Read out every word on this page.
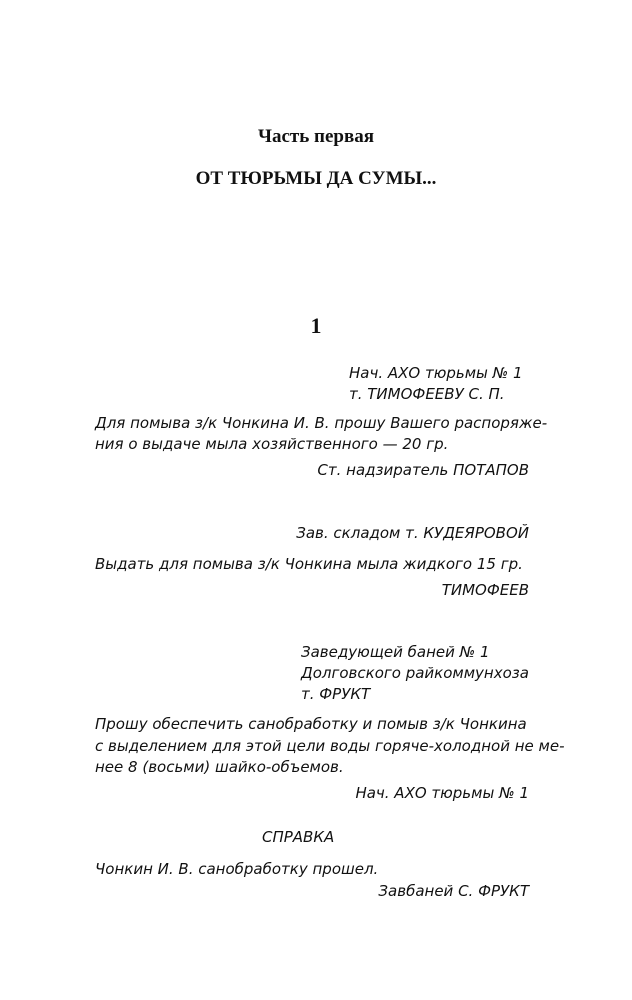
Часть первая
ОТ ТЮРЬМЫ ДА СУМЫ...
1
Нач. АХО тюрьмы № 1
т. ТИМОФЕЕВУ С. П.
Для помыва з/к Чонкина И. В. прошу Вашего распоряже-
ния о выдаче мыла хозяйственного — 20 гр.
Ст. надзиратель ПОТАПОВ
Зав. складом т. КУДЕЯРОВОЙ
Выдать для помыва з/к Чонкина мыла жидкого 15 гр.
ТИМОФЕЕВ
Заведующей баней № 1
Долговского райкоммунхоза
т. ФРУКТ
Прошу обеспечить санобработку и помыв з/к Чонкина
с выделением для этой цели воды горяче-холодной не ме-
нее 8 (восьми) шайко-объемов.
Нач. АХО тюрьмы № 1
СПРАВКА
Чонкин И. В. санобработку прошел.
Завбаней С. ФРУКТ
